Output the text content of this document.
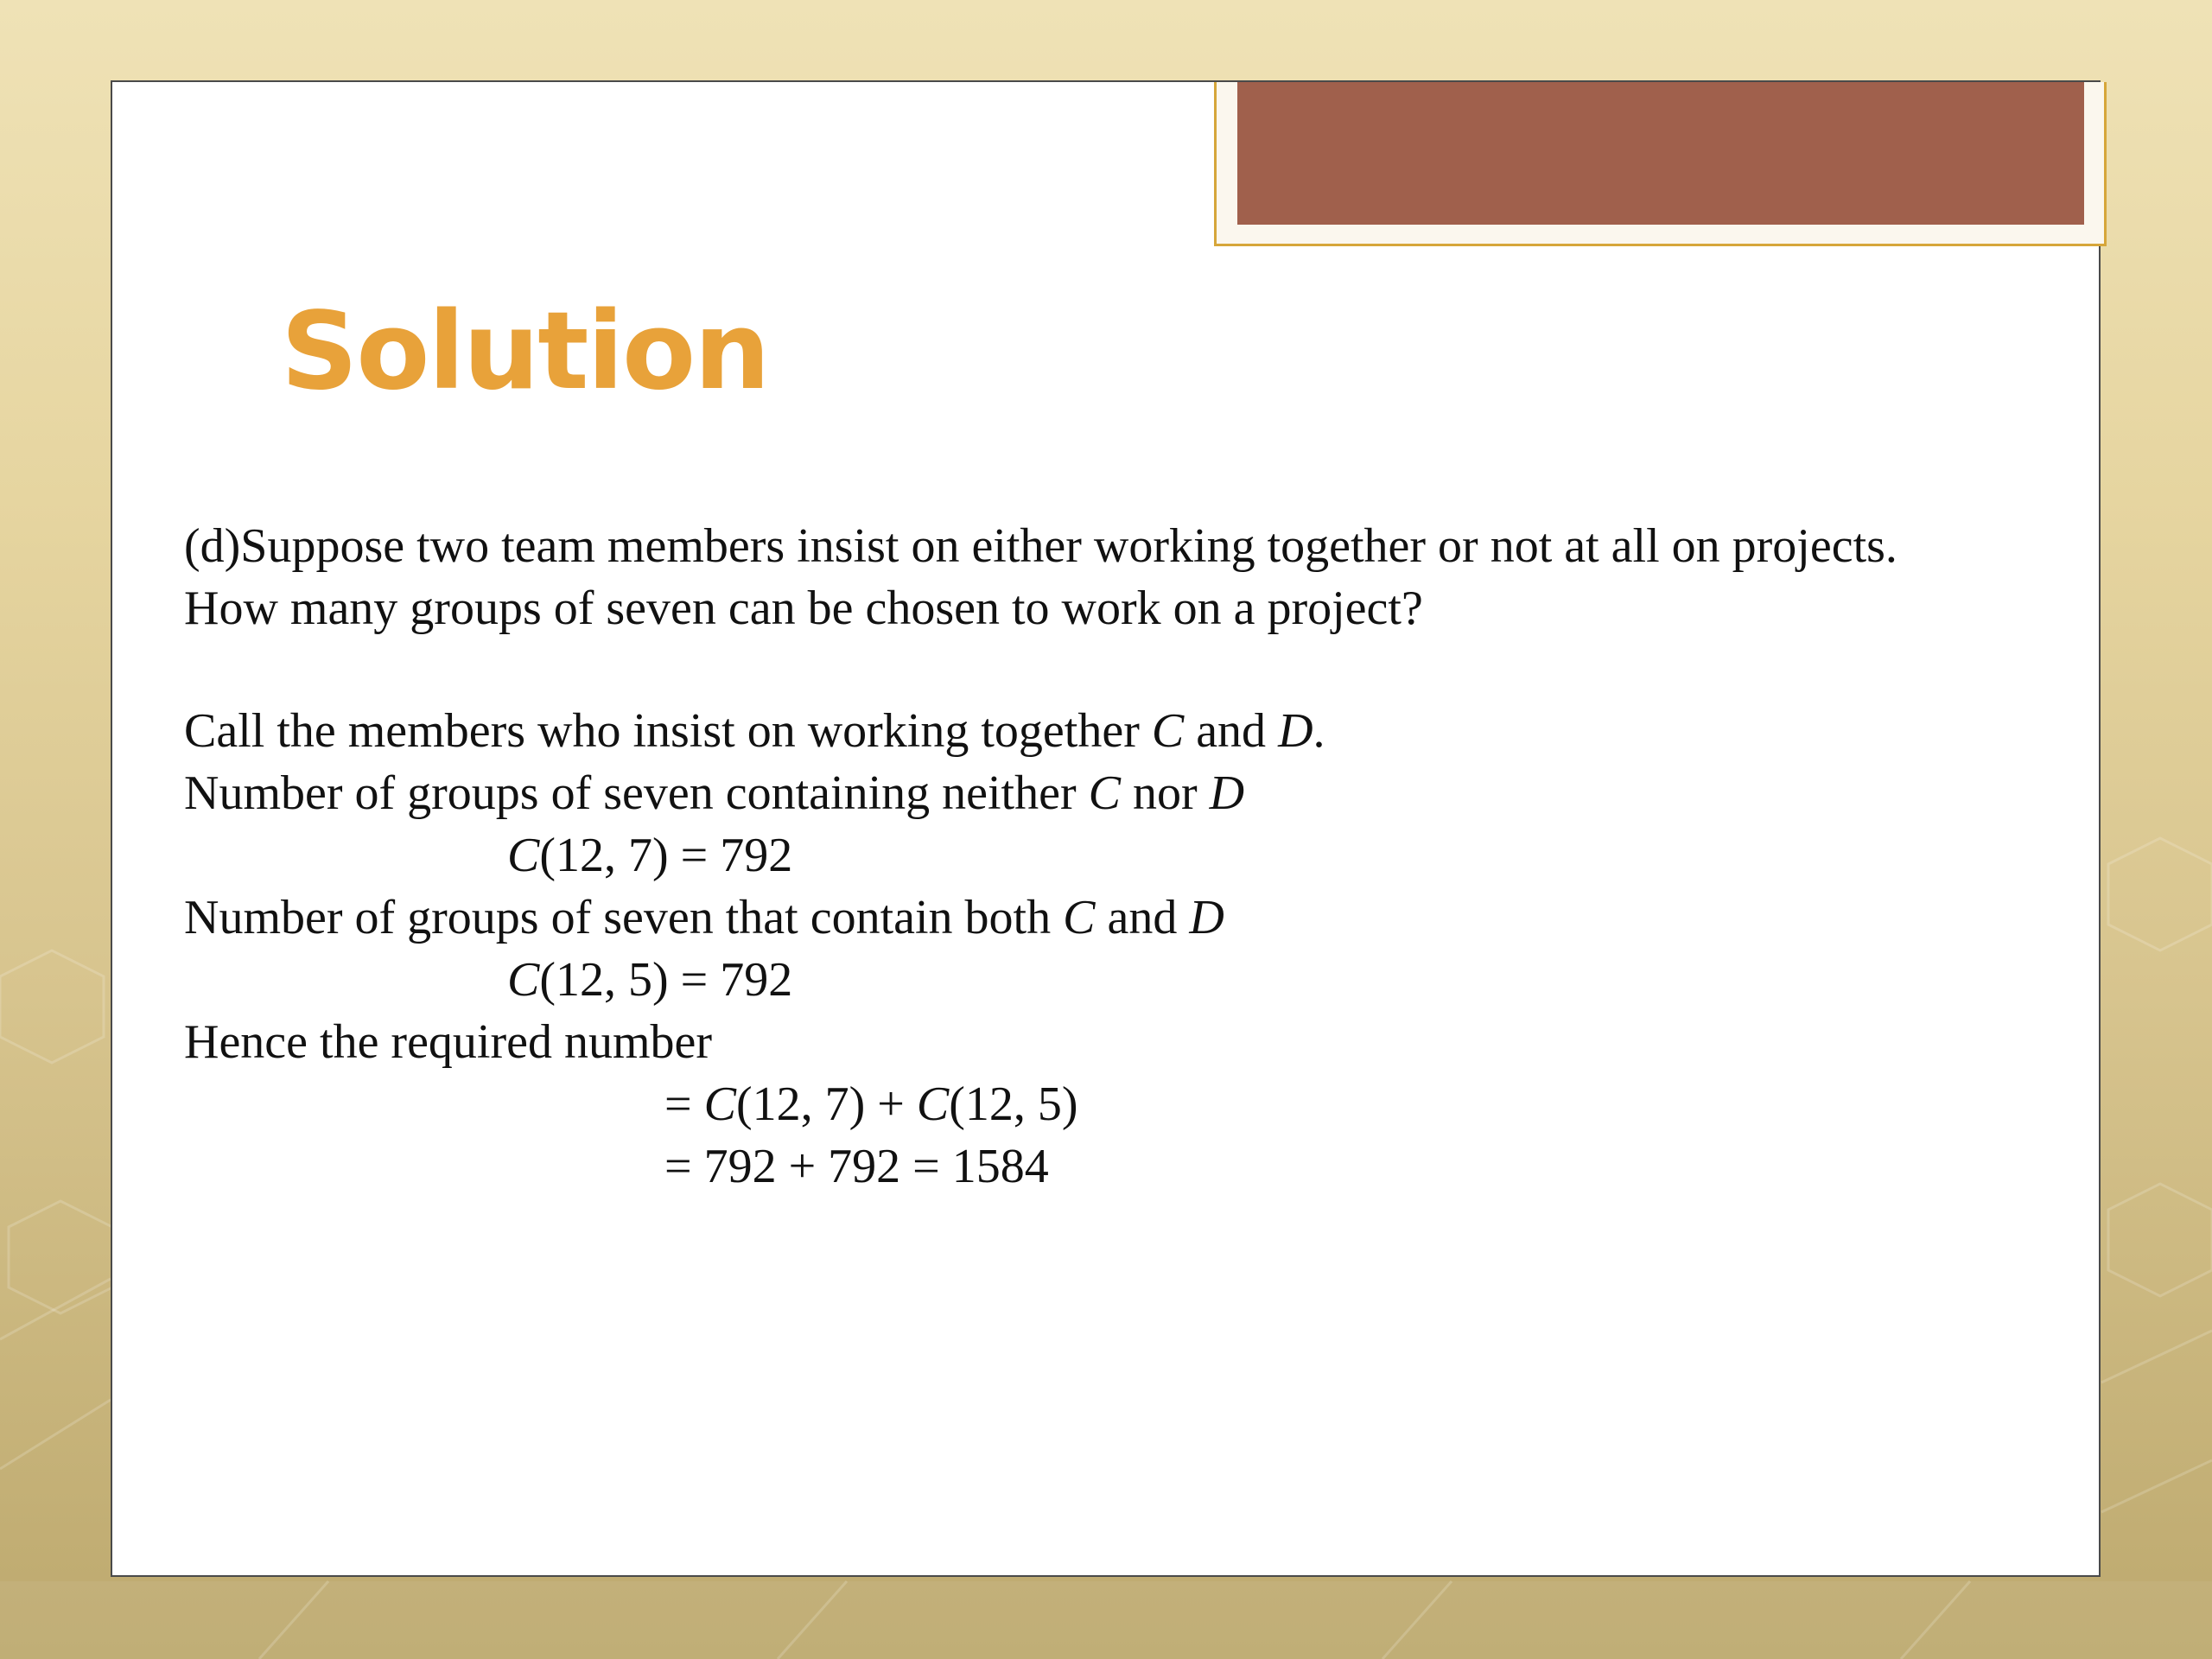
Solution
(d)Suppose two team members insist on either working together or not at all on projects.
How many groups of seven can be chosen to work on a project?
Call the members who insist on working together C and D.
Number of groups of seven containing neither C nor D
C(12, 7) = 792
Number of groups of seven that contain both C and D
C(12, 5) = 792
Hence the required number
= C(12, 7) + C(12, 5)
= 792 + 792 = 1584
